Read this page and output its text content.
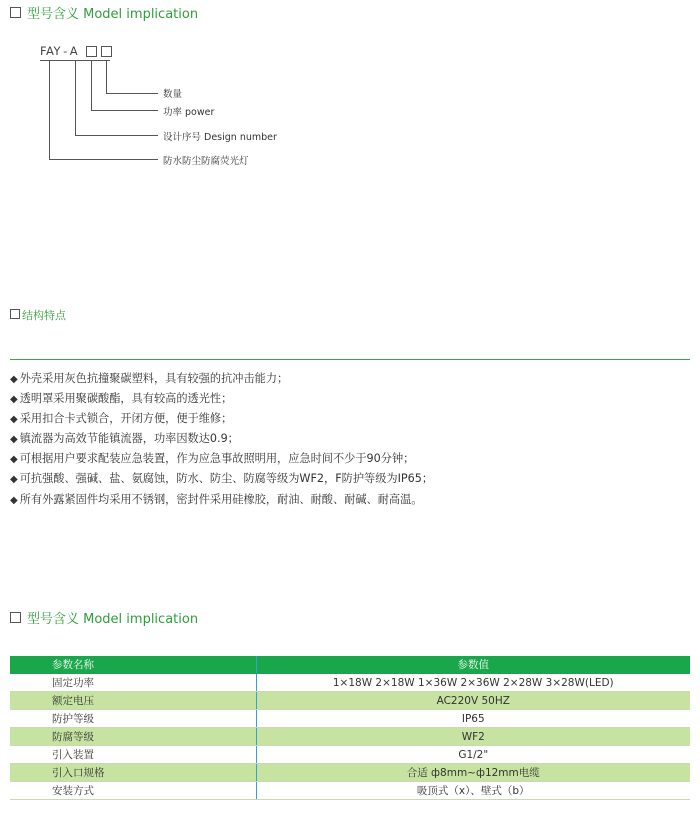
型号含义 Model implication
FAY - A
数量
功率 power
设计序号 Design number
防水防尘防腐荧光灯
结构特点
◆ 外壳采用灰色抗撞聚碳塑料，具有较强的抗冲击能力；
◆ 透明罩采用聚碳酸酯，具有较高的透光性；
◆ 采用扣合卡式锁合，开闭方便，便于维修；
◆ 镇流器为高效节能镇流器，功率因数达0.9；
◆ 可根据用户要求配装应急装置，作为应急事故照明用，应急时间不少于90分钟；
◆ 可抗强酸、强碱、盐、氨腐蚀，防水、防尘、防腐等级为WF2，F防护等级为IP65；
◆ 所有外露紧固件均采用不锈钢，密封件采用硅橡胶，耐油、耐酸、耐碱、耐高温。
型号含义 Model implication
参数名称	参数值
固定功率	1×18W 2×18W 1×36W 2×36W 2×28W 3×28W(LED)
额定电压	AC220V 50HZ
防护等级	IP65
防腐等级	WF2
引入装置	G1/2"
引入口规格	合适 ф8mm~ф12mm电缆
安装方式	吸顶式（x）、壁式（b）
